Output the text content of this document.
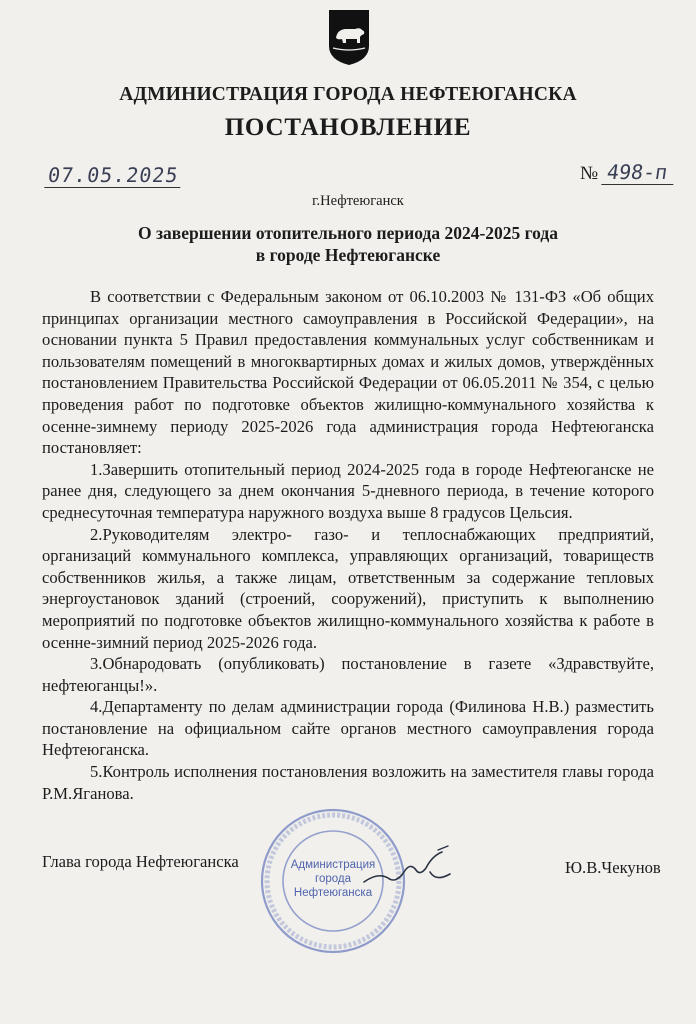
АДМИНИСТРАЦИЯ ГОРОДА НЕФТЕЮГАНСКА
ПОСТАНОВЛЕНИЕ
07.05.2025	№ 498-п
г.Нефтеюганск
О завершении отопительного периода 2024-2025 года
в городе Нефтеюганске

В соответствии с Федеральным законом от 06.10.2003 № 131-ФЗ «Об общих принципах организации местного самоуправления в Российской Федерации», на основании пункта 5 Правил предоставления коммунальных услуг собственникам и пользователям помещений в многоквартирных домах и жилых домов, утверждённых постановлением Правительства Российской Федерации от 06.05.2011 № 354, с целью проведения работ по подготовке объектов жилищно-коммунального хозяйства к осенне-зимнему периоду 2025-2026 года администрация города Нефтеюганска постановляет:

1.Завершить отопительный период 2024-2025 года в городе Нефтеюганске не ранее дня, следующего за днем окончания 5-дневного периода, в течение которого среднесуточная температура наружного воздуха выше 8 градусов Цельсия.

2.Руководителям электро- газо- и теплоснабжающих предприятий, организаций коммунального комплекса, управляющих организаций, товариществ собственников жилья, а также лицам, ответственным за содержание тепловых энергоустановок зданий (строений, сооружений), приступить к выполнению мероприятий по подготовке объектов жилищно-коммунального хозяйства к работе в осенне-зимний период 2025-2026 года.

3.Обнародовать (опубликовать) постановление в газете «Здравствуйте, нефтеюганцы!».

4.Департаменту по делам администрации города (Филинова Н.В.) разместить постановление на официальном сайте органов местного самоуправления города Нефтеюганска.

5.Контроль исполнения постановления возложить на заместителя главы города Р.М.Яганова.

Глава города Нефтеюганска	Администрация
города
Нефтеюганска
Ю.В.Чекунов
